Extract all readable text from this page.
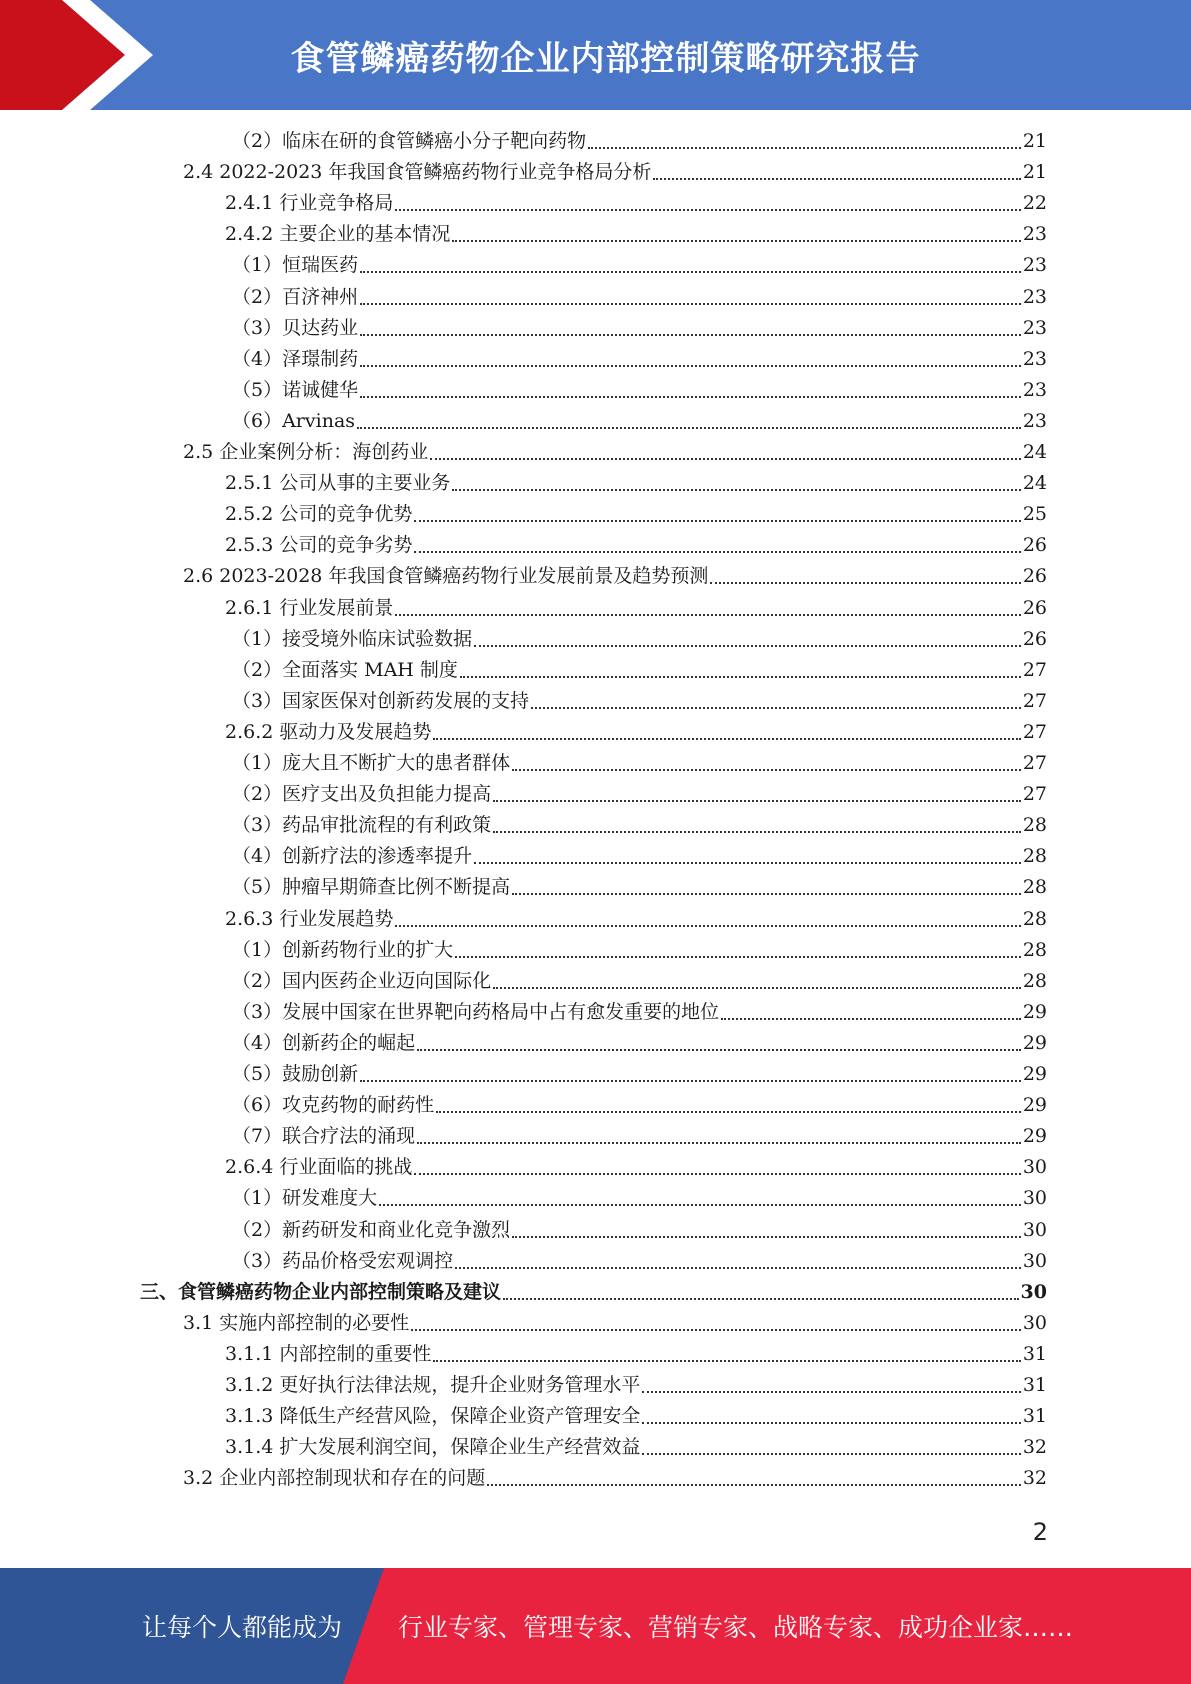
食管鳞癌药物企业内部控制策略研究报告
（2）临床在研的食管鳞癌小分子靶向药物	21
2.4 2022-2023 年我国食管鳞癌药物行业竞争格局分析	21
2.4.1 行业竞争格局	22
2.4.2 主要企业的基本情况	23
（1）恒瑞医药	23
（2）百济神州	23
（3）贝达药业	23
（4）泽璟制药	23
（5）诺诚健华	23
（6）Arvinas	23
2.5 企业案例分析：海创药业	24
2.5.1 公司从事的主要业务	24
2.5.2 公司的竞争优势	25
2.5.3 公司的竞争劣势	26
2.6 2023-2028 年我国食管鳞癌药物行业发展前景及趋势预测	26
2.6.1 行业发展前景	26
（1）接受境外临床试验数据	26
（2）全面落实 MAH 制度	27
（3）国家医保对创新药发展的支持	27
2.6.2 驱动力及发展趋势	27
（1）庞大且不断扩大的患者群体	27
（2）医疗支出及负担能力提高	27
（3）药品审批流程的有利政策	28
（4）创新疗法的渗透率提升	28
（5）肿瘤早期筛查比例不断提高	28
2.6.3 行业发展趋势	28
（1）创新药物行业的扩大	28
（2）国内医药企业迈向国际化	28
（3）发展中国家在世界靶向药格局中占有愈发重要的地位	29
（4）创新药企的崛起	29
（5）鼓励创新	29
（6）攻克药物的耐药性	29
（7）联合疗法的涌现	29
2.6.4 行业面临的挑战	30
（1）研发难度大	30
（2）新药研发和商业化竞争激烈	30
（3）药品价格受宏观调控	30
三、食管鳞癌药物企业内部控制策略及建议	30
3.1 实施内部控制的必要性	30
3.1.1 内部控制的重要性	31
3.1.2 更好执行法律法规，提升企业财务管理水平	31
3.1.3 降低生产经营风险，保障企业资产管理安全	31
3.1.4 扩大发展利润空间，保障企业生产经营效益	32
3.2 企业内部控制现状和存在的问题	32
2
让每个人都能成为 行业专家、管理专家、营销专家、战略专家、成功企业家……
